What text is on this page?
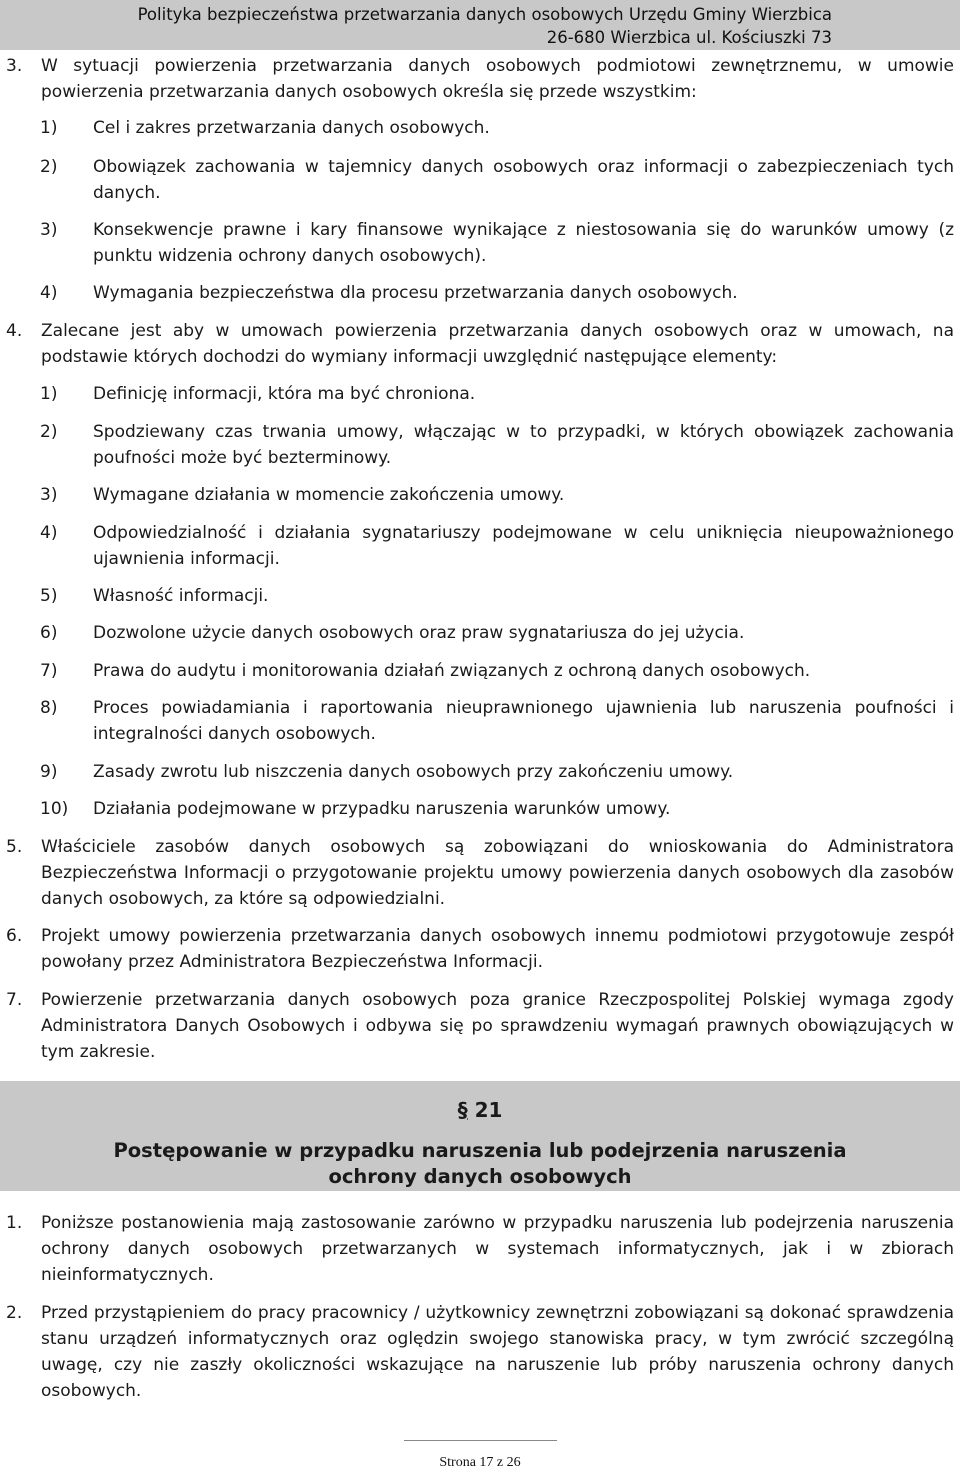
Polityka bezpieczeństwa przetwarzania danych osobowych Urzędu Gminy Wierzbica
26-680 Wierzbica ul. Kościuszki 73
3. W sytuacji powierzenia przetwarzania danych osobowych podmiotowi zewnętrznemu, w umowie powierzenia przetwarzania danych osobowych określa się przede wszystkim:
1) Cel i zakres przetwarzania danych osobowych.
2) Obowiązek zachowania w tajemnicy danych osobowych oraz informacji o zabezpieczeniach tych danych.
3) Konsekwencje prawne i kary finansowe wynikające z niestosowania się do warunków umowy (z punktu widzenia ochrony danych osobowych).
4) Wymagania bezpieczeństwa dla procesu przetwarzania danych osobowych.
4. Zalecane jest aby w umowach powierzenia przetwarzania danych osobowych oraz w umowach, na podstawie których dochodzi do wymiany informacji uwzględnić następujące elementy:
1) Definicję informacji, która ma być chroniona.
2) Spodziewany czas trwania umowy, włączając w to przypadki, w których obowiązek zachowania poufności może być bezterminowy.
3) Wymagane działania w momencie zakończenia umowy.
4) Odpowiedzialność i działania sygnatariuszy podejmowane w celu uniknięcia nieupoważnionego ujawnienia informacji.
5) Własność informacji.
6) Dozwolone użycie danych osobowych oraz praw sygnatariusza do jej użycia.
7) Prawa do audytu i monitorowania działań związanych z ochroną danych osobowych.
8) Proces powiadamiania i raportowania nieuprawnionego ujawnienia lub naruszenia poufności i integralności danych osobowych.
9) Zasady zwrotu lub niszczenia danych osobowych przy zakończeniu umowy.
10) Działania podejmowane w przypadku naruszenia warunków umowy.
5. Właściciele zasobów danych osobowych są zobowiązani do wnioskowania do Administratora Bezpieczeństwa Informacji o przygotowanie projektu umowy powierzenia danych osobowych dla zasobów danych osobowych, za które są odpowiedzialni.
6. Projekt umowy powierzenia przetwarzania danych osobowych innemu podmiotowi przygotowuje zespół powołany przez Administratora Bezpieczeństwa Informacji.
7. Powierzenie przetwarzania danych osobowych poza granice Rzeczpospolitej Polskiej wymaga zgody Administratora Danych Osobowych i odbywa się po sprawdzeniu wymagań prawnych obowiązujących w tym zakresie.
§ 21
Postępowanie w przypadku naruszenia lub podejrzenia naruszenia ochrony danych osobowych
1. Poniższe postanowienia mają zastosowanie zarówno w przypadku naruszenia lub podejrzenia naruszenia ochrony danych osobowych przetwarzanych w systemach informatycznych, jak i w zbiorach nieinformatycznych.
2. Przed przystąpieniem do pracy pracownicy / użytkownicy zewnętrzni zobowiązani są dokonać sprawdzenia stanu urządzeń informatycznych oraz oględzin swojego stanowiska pracy, w tym zwrócić szczególną uwagę, czy nie zaszły okoliczności wskazujące na naruszenie lub próby naruszenia ochrony danych osobowych.
Strona 17 z 26
